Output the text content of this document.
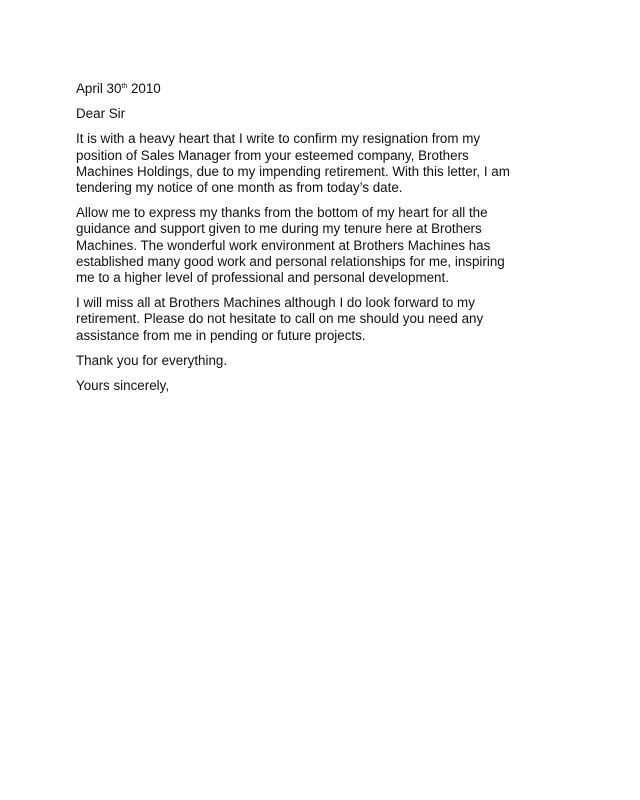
April 30th 2010

Dear Sir

It is with a heavy heart that I write to confirm my resignation from my
position of Sales Manager from your esteemed company, Brothers
Machines Holdings, due to my impending retirement. With this letter, I am
tendering my notice of one month as from today’s date.

Allow me to express my thanks from the bottom of my heart for all the
guidance and support given to me during my tenure here at Brothers
Machines. The wonderful work environment at Brothers Machines has
established many good work and personal relationships for me, inspiring
me to a higher level of professional and personal development.

I will miss all at Brothers Machines although I do look forward to my
retirement. Please do not hesitate to call on me should you need any
assistance from me in pending or future projects.

Thank you for everything.

Yours sincerely,
